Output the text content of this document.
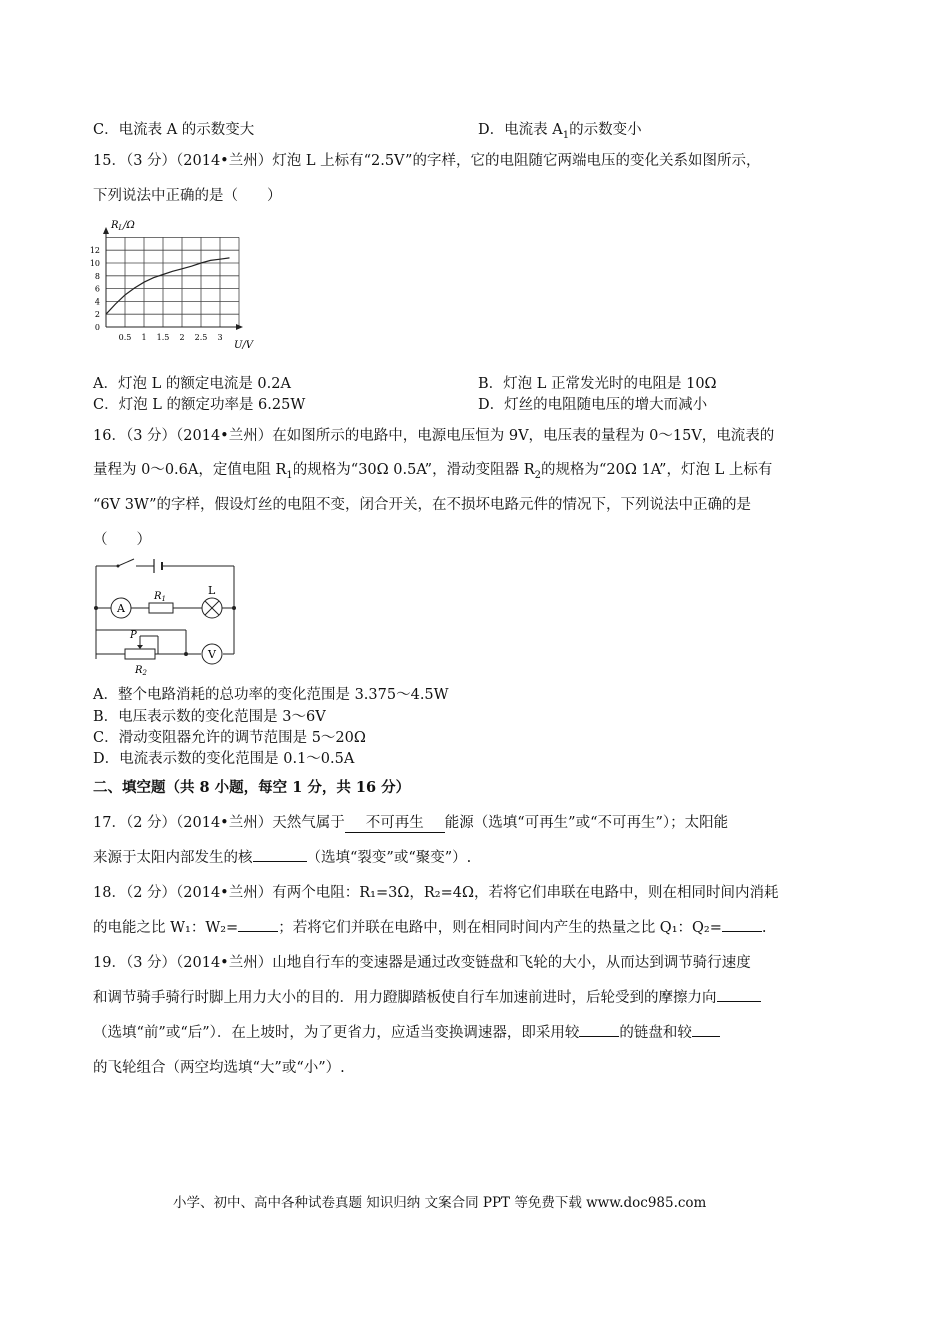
C．电流表 A 的示数变大	D．电流表 $A_1$的示数变小
15．（3 分）（2014•兰州）灯泡 L 上标有“2.5V”的字样，它的电阻随它两端电压的变化关系如图所示，
下列说法中正确的是（　　）
0
2
4
6
8
10
12
0.5 1 1.5 2 2.5 3
$R_L/\Omega$
U/V
A．灯泡 L 的额定电流是 0.2A	B．灯泡 L 正常发光时的电阻是 10Ω
C．灯泡 L 的额定功率是 6.25W	D．灯丝的电阻随电压的增大而减小
16．（3 分）（2014•兰州）在如图所示的电路中，电源电压恒为 9V，电压表的量程为 0～15V，电流表的
量程为 0～0.6A，定值电阻 $R_1$的规格为“30Ω 0.5A”，滑动变阻器 $R_2$的规格为“20Ω 1A”，灯泡 L 上标有
“6V 3W”的字样，假设灯丝的电阻不变，闭合开关，在不损坏电路元件的情况下，下列说法中正确的是
（　　）
A
$R_1$
L
P
$R_2$
V
A．整个电路消耗的总功率的变化范围是 3.375～4.5W
B．电压表示数的变化范围是 3～6V
C．滑动变阻器允许的调节范围是 5～20Ω
D．电流表示数的变化范围是 0.1～0.5A
二、填空题（共 8 小题，每空 1 分，共 16 分）
17．（2 分）（2014•兰州）天然气属于 不可再生 能源（选填“可再生”或“不可再生”）；太阳能
来源于太阳内部发生的核	（选填“裂变”或“聚变”）.
18．（2 分）（2014•兰州）有两个电阻：R₁=3Ω，R₂=4Ω，若将它们串联在电路中，则在相同时间内消耗
的电能之比 W₁：W₂=	；若将它们并联在电路中，则在相同时间内产生的热量之比 Q₁：Q₂=	.
19．（3 分）（2014•兰州）山地自行车的变速器是通过改变链盘和飞轮的大小，从而达到调节骑行速度
和调节骑手骑行时脚上用力大小的目的．用力蹬脚踏板使自行车加速前进时，后轮受到的摩擦力向
（选填“前”或“后”）．在上坡时，为了更省力，应适当变换调速器，即采用较	的链盘和较
的飞轮组合（两空均选填“大”或“小”）.
小学、初中、高中各种试卷真题 知识归纳 文案合同 PPT 等免费下载 www.doc985.com
